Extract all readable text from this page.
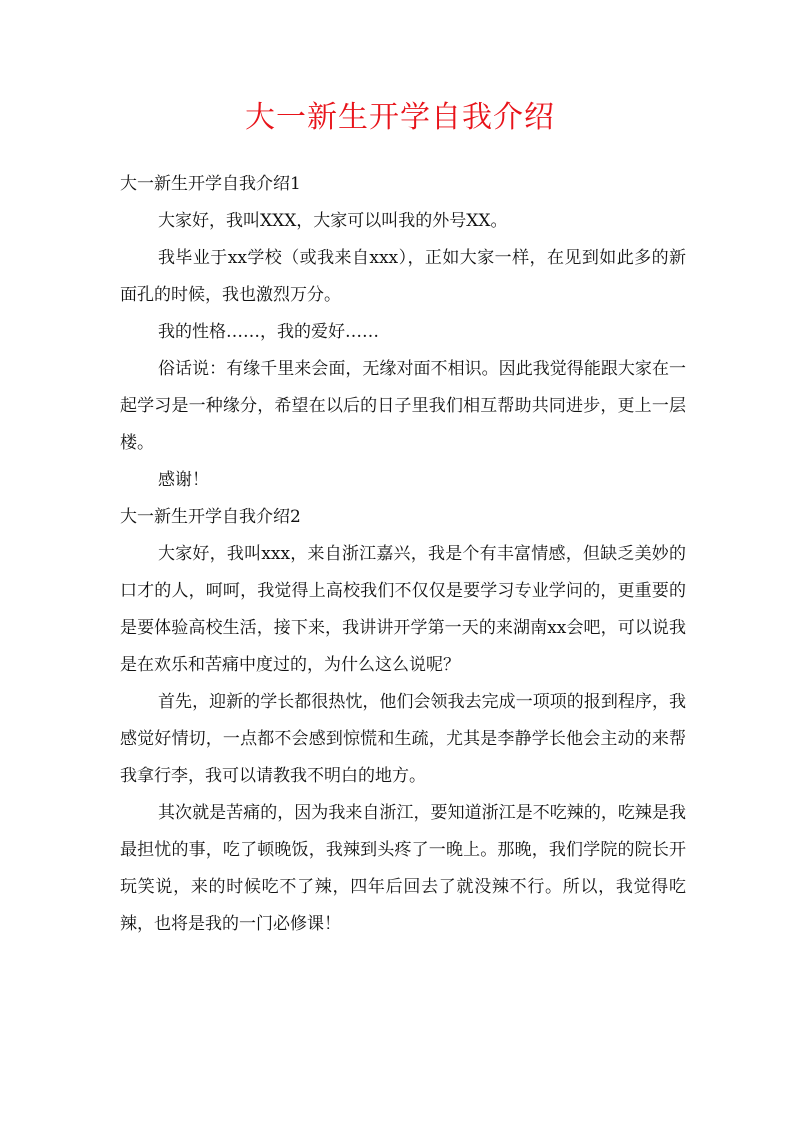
大一新生开学自我介绍

大一新生开学自我介绍1

大家好，我叫XXX，大家可以叫我的外号XX。

我毕业于xx学校（或我来自xxx），正如大家一样，在见到如此多的新面孔的时候，我也激烈万分。

我的性格……，我的爱好……

俗话说：有缘千里来会面，无缘对面不相识。因此我觉得能跟大家在一起学习是一种缘分，希望在以后的日子里我们相互帮助共同进步，更上一层楼。

感谢！

大一新生开学自我介绍2

大家好，我叫xxx，来自浙江嘉兴，我是个有丰富情感，但缺乏美妙的口才的人，呵呵，我觉得上高校我们不仅仅是要学习专业学问的，更重要的是要体验高校生活，接下来，我讲讲开学第一天的来湖南xx会吧，可以说我是在欢乐和苦痛中度过的，为什么这么说呢？

首先，迎新的学长都很热忱，他们会领我去完成一项项的报到程序，我感觉好情切，一点都不会感到惊慌和生疏，尤其是李静学长他会主动的来帮我拿行李，我可以请教我不明白的地方。

其次就是苦痛的，因为我来自浙江，要知道浙江是不吃辣的，吃辣是我最担忧的事，吃了顿晚饭，我辣到头疼了一晚上。那晚，我们学院的院长开玩笑说，来的时候吃不了辣，四年后回去了就没辣不行。所以，我觉得吃辣，也将是我的一门必修课！
